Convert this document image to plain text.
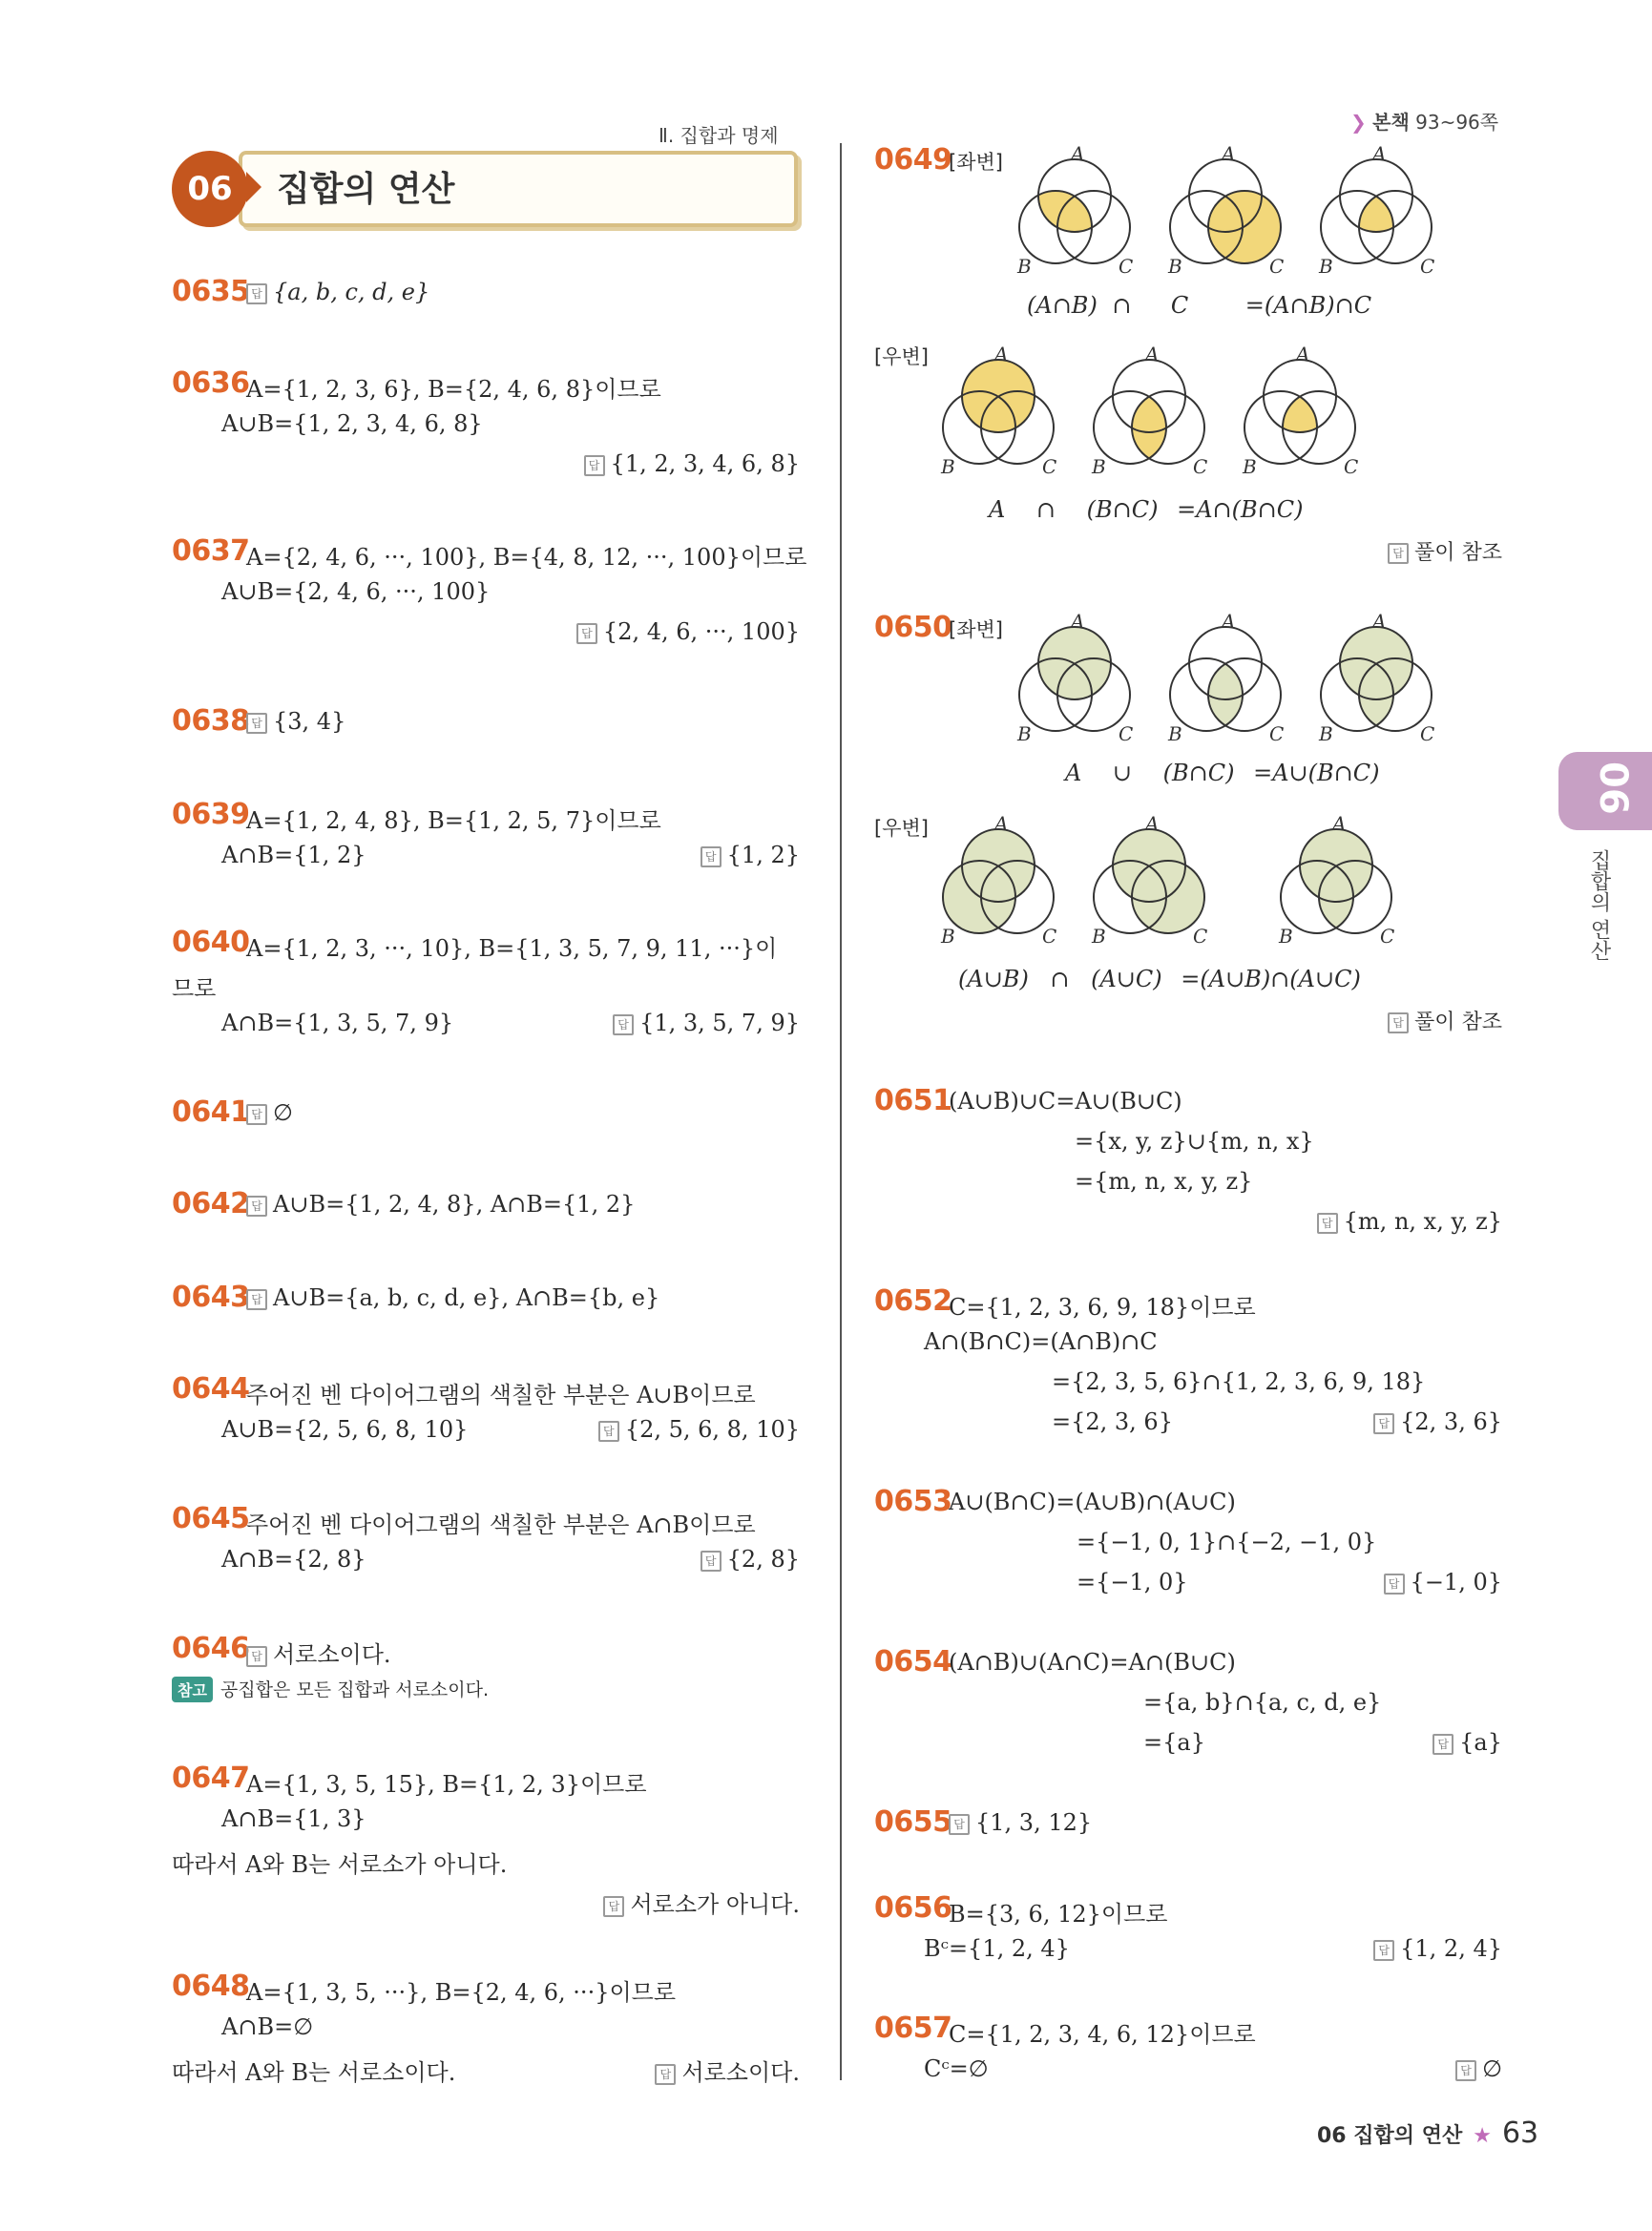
Ⅱ. 집합과 명제
❯ 본책 93~96쪽
06	집합의 연산
0635 답 {a, b, c, d, e}
0636
A={1, 2, 3, 6}, B={2, 4, 6, 8}이므로
A∪B={1, 2, 3, 4, 6, 8}
답 {1, 2, 3, 4, 6, 8}
0637
A={2, 4, 6, ···, 100}, B={4, 8, 12, ···, 100}이므로
A∪B={2, 4, 6, ···, 100}
답 {2, 4, 6, ···, 100}
0638 답 {3, 4}
0639
A={1, 2, 4, 8}, B={1, 2, 5, 7}이므로
A∩B={1, 2}	답 {1, 2}
0640
A={1, 2, 3, ···, 10}, B={1, 3, 5, 7, 9, 11, ···}이
므로
A∩B={1, 3, 5, 7, 9}	답 {1, 3, 5, 7, 9}
0641 답 ∅
0642 답 A∪B={1, 2, 4, 8}, A∩B={1, 2}
0643 답 A∪B={a, b, c, d, e}, A∩B={b, e}
0644
주어진 벤 다이어그램의 색칠한 부분은 A∪B이므로
A∪B={2, 5, 6, 8, 10}	답 {2, 5, 6, 8, 10}
0645
주어진 벤 다이어그램의 색칠한 부분은 A∩B이므로
A∩B={2, 8}	답 {2, 8}
0646 답 서로소이다.
참고 공집합은 모든 집합과 서로소이다.
0647
A={1, 3, 5, 15}, B={1, 2, 3}이므로
A∩B={1, 3}
따라서 A와 B는 서로소가 아니다.
답 서로소가 아니다.
0648
A={1, 3, 5, ···}, B={2, 4, 6, ···}이므로
A∩B=∅
따라서 A와 B는 서로소이다.	답 서로소이다.
0649
[좌변]	A
B	C
A
B	C
A
B	C
(A∩B) ∩ C =(A∩B)∩C
[우변]	A
B	C
A
B	C
A
B	C
A ∩ (B∩C) =A∩(B∩C)
답 풀이 참조
0650
[좌변]	A
B	C
A
B	C
A
B	C
A ∪ (B∩C) =A∪(B∩C)
[우변]	A
B	C
A
B	C
A
B	C
(A∪B) ∩ (A∪C) =(A∪B)∩(A∪C)
답 풀이 참조
0651
(A∪B)∪C=A∪(B∪C)
={x, y, z}∪{m, n, x}
={m, n, x, y, z}
답 {m, n, x, y, z}
0652
C={1, 2, 3, 6, 9, 18}이므로
A∩(B∩C)=(A∩B)∩C
={2, 3, 5, 6}∩{1, 2, 3, 6, 9, 18}
={2, 3, 6}	답 {2, 3, 6}
0653
A∪(B∩C)=(A∪B)∩(A∪C)
={−1, 0, 1}∩{−2, −1, 0}
={−1, 0}	답 {−1, 0}
0654
(A∩B)∪(A∩C)=A∩(B∪C)
={a, b}∩{a, c, d, e}
={a}	답 {a}
0655 답 {1, 3, 12}
0656
B={3, 6, 12}이므로
Bᶜ={1, 2, 4}	답 {1, 2, 4}
0657
C={1, 2, 3, 4, 6, 12}이므로
Cᶜ=∅	답 ∅
06
집합의 연산
06 집합의 연산 ★ 63
